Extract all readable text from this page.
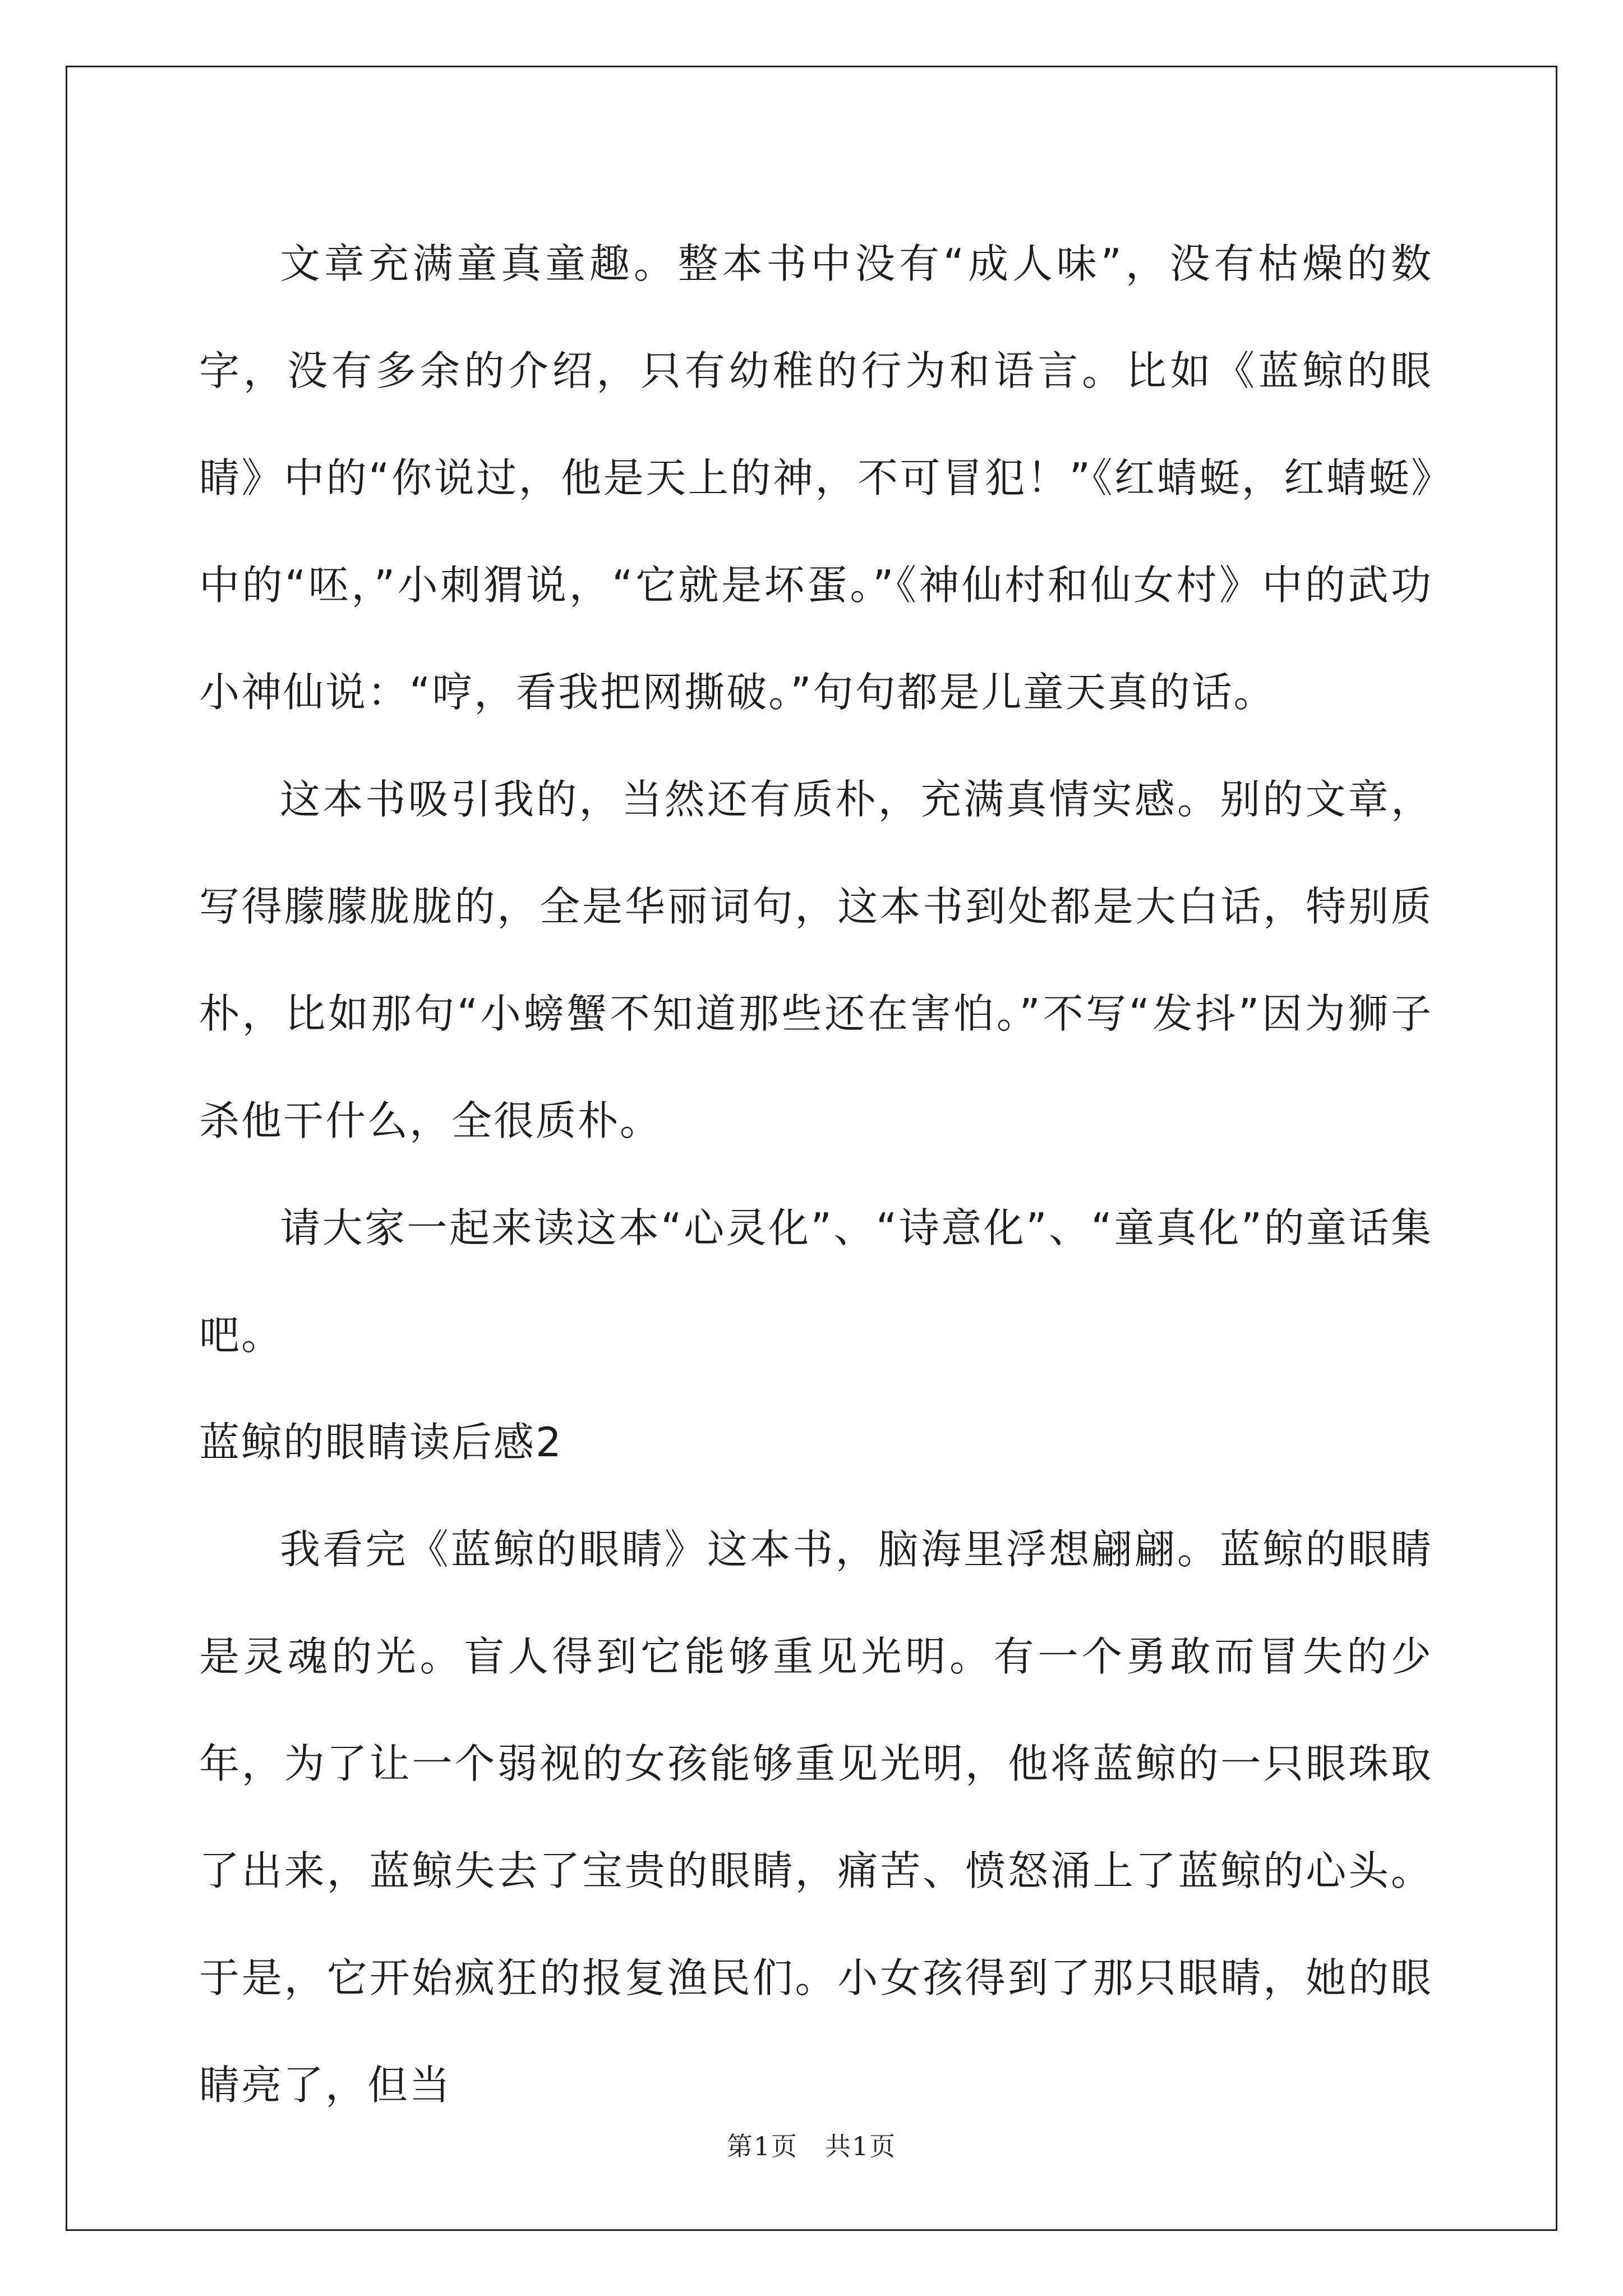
文章充满童真童趣。整本书中没有“成人味”，没有枯燥的数字，没有多余的介绍，只有幼稚的行为和语言。比如《蓝鲸的眼睛》中的“你说过，他是天上的神，不可冒犯！”《红蜻蜓，红蜻蜓》中的“呸，”小刺猬说，“它就是坏蛋。”《神仙村和仙女村》中的武功小神仙说：“哼，看我把网撕破。”句句都是儿童天真的话。

这本书吸引我的，当然还有质朴，充满真情实感。别的文章，写得朦朦胧胧的，全是华丽词句，这本书到处都是大白话，特别质朴，比如那句“小螃蟹不知道那些还在害怕。”不写“发抖”因为狮子杀他干什么，全很质朴。

请大家一起来读这本“心灵化”、“诗意化”、“童真化”的童话集吧。

蓝鲸的眼睛读后感2

我看完《蓝鲸的眼睛》这本书，脑海里浮想翩翩。蓝鲸的眼睛是灵魂的光。盲人得到它能够重见光明。有一个勇敢而冒失的少年，为了让一个弱视的女孩能够重见光明，他将蓝鲸的一只眼珠取了出来，蓝鲸失去了宝贵的眼睛，痛苦、愤怒涌上了蓝鲸的心头。于是，它开始疯狂的报复渔民们。小女孩得到了那只眼睛，她的眼睛亮了，但当

第1页　共1页
